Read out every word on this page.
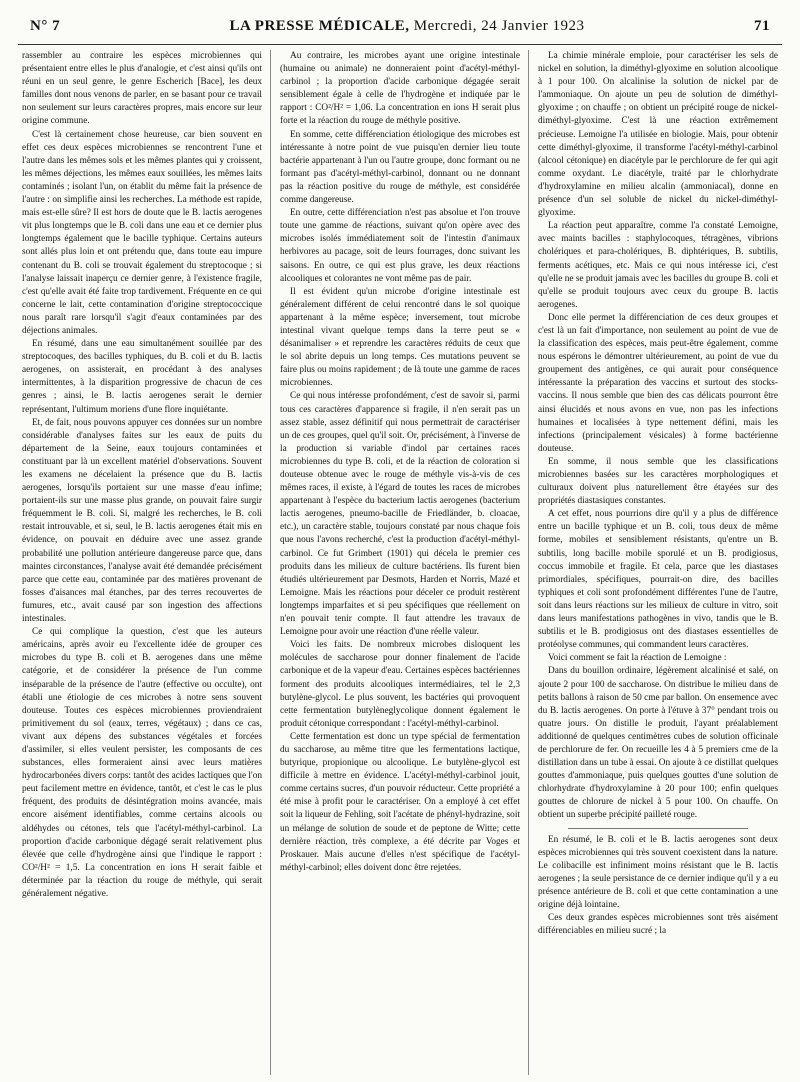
N° 7	LA PRESSE MÉDICALE, Mercredi, 24 Janvier 1923	71

rassembler au contraire les espèces microbiennes qui présentaient entre elles le plus d'analogie, et c'est ainsi qu'ils ont réuni en un seul genre, le genre Escherich [Bace], les deux familles dont nous venons de parler, en se basant pour ce travail non seulement sur leurs caractères propres, mais encore sur leur origine commune.

C'est là certainement chose heureuse, car bien souvent en effet ces deux espèces microbiennes se rencontrent l'une et l'autre dans les mêmes sols et les mêmes plantes qui y croissent, les mêmes déjections, les mêmes eaux souillées, les mêmes laits contaminés ; isolant l'un, on établit du même fait la présence de l'autre : on simplifie ainsi les recherches. La méthode est rapide, mais est-elle sûre? Il est hors de doute que le B. lactis aerogenes vit plus longtemps que le B. coli dans une eau et ce dernier plus longtemps également que le bacille typhique. Certains auteurs sont allés plus loin et ont prétendu que, dans toute eau impure contenant du B. coli se trouvait également du streptocoque ; si l'analyse laissait inaperçu ce dernier genre, à l'existence fragile, c'est qu'elle avait été faite trop tardivement. Fréquente en ce qui concerne le lait, cette contamination d'origine streptococcique nous paraît rare lorsqu'il s'agit d'eaux contaminées par des déjections animales.

En résumé, dans une eau simultanément souillée par des streptocoques, des bacilles typhiques, du B. coli et du B. lactis aerogenes, on assisterait, en procédant à des analyses intermittentes, à la disparition progressive de chacun de ces genres ; ainsi, le B. lactis aerogenes serait le dernier représentant, l'ultimum moriens d'une flore inquiétante.

Et, de fait, nous pouvons appuyer ces données sur un nombre considérable d'analyses faites sur les eaux de puits du département de la Seine, eaux toujours contaminées et constituant par là un excellent matériel d'observations. Souvent les examens ne décelaient la présence que du B. lactis aerogenes, lorsqu'ils portaient sur une masse d'eau infime; portaient-ils sur une masse plus grande, on pouvait faire surgir fréquemment le B. coli. Si, malgré les recherches, le B. coli restait introuvable, et si, seul, le B. lactis aerogenes était mis en évidence, on pouvait en déduire avec une assez grande probabilité une pollution antérieure dangereuse parce que, dans maintes circonstances, l'analyse avait été demandée précisément parce que cette eau, contaminée par des matières provenant de fosses d'aisances mal étanches, par des terres recouvertes de fumures, etc., avait causé par son ingestion des affections intestinales.

Ce qui complique la question, c'est que les auteurs américains, après avoir eu l'excellente idée de grouper ces microbes du type B. coli et B. aerogenes dans une même catégorie, et de considérer la présence de l'un comme inséparable de la présence de l'autre (effective ou occulte), ont établi une étiologie de ces microbes à notre sens souvent douteuse. Toutes ces espèces microbiennes proviendraient primitivement du sol (eaux, terres, végétaux) ; dans ce cas, vivant aux dépens des substances végétales et forcées d'assimiler, si elles veulent persister, les composants de ces substances, elles formeraient ainsi avec leurs matières hydrocarbonées divers corps: tantôt des acides lactiques que l'on peut facilement mettre en évidence, tantôt, et c'est le cas le plus fréquent, des produits de désintégration moins avancée, mais encore aisément identifiables, comme certains alcools ou aldéhydes ou cétones, tels que l'acétyl-méthyl-carbinol. La proportion d'acide carbonique dégagé serait relativement plus élevée que celle d'hydrogène ainsi que l'indique le rapport : CO²/H² = 1,5. La concentration en ions H serait faible et déterminée par la réaction du rouge de méthyle, qui serait généralement négative.

Au contraire, les microbes ayant une origine intestinale (humaine ou animale) ne donneraient point d'acétyl-méthyl-carbinol ; la proportion d'acide carbonique dégagée serait sensiblement égale à celle de l'hydrogène et indiquée par le rapport : CO²/H² = 1,06. La concentration en ions H serait plus forte et la réaction du rouge de méthyle positive.

En somme, cette différenciation étiologique des microbes est intéressante à notre point de vue puisqu'en dernier lieu toute bactérie appartenant à l'un ou l'autre groupe, donc formant ou ne formant pas d'acétyl-méthyl-carbinol, donnant ou ne donnant pas la réaction positive du rouge de méthyle, est considérée comme dangereuse.

En outre, cette différenciation n'est pas absolue et l'on trouve toute une gamme de réactions, suivant qu'on opère avec des microbes isolés immédiatement soit de l'intestin d'animaux herbivores au pacage, soit de leurs fourrages, donc suivant les saisons. En outre, ce qui est plus grave, les deux réactions alcooliques et colorantes ne vont même pas de pair.

Il est évident qu'un microbe d'origine intestinale est généralement différent de celui rencontré dans le sol quoique appartenant à la même espèce; inversement, tout microbe intestinal vivant quelque temps dans la terre peut se « désanimaliser » et reprendre les caractères réduits de ceux que le sol abrite depuis un long temps. Ces mutations peuvent se faire plus ou moins rapidement ; de là toute une gamme de races microbiennes.

Ce qui nous intéresse profondément, c'est de savoir si, parmi tous ces caractères d'apparence si fragile, il n'en serait pas un assez stable, assez définitif qui nous permettrait de caractériser un de ces groupes, quel qu'il soit. Or, précisément, à l'inverse de la production si variable d'indol par certaines races microbiennes du type B. coli, et de la réaction de coloration si douteuse obtenue avec le rouge de méthyle vis-à-vis de ces mêmes races, il existe, à l'égard de toutes les races de microbes appartenant à l'espèce du bacterium lactis aerogenes (bacterium lactis aerogenes, pneumo-bacille de Friedländer, b. cloacae, etc.), un caractère stable, toujours constaté par nous chaque fois que nous l'avons recherché, c'est la production d'acétyl-méthyl-carbinol. Ce fut Grimbert (1901) qui décela le premier ces produits dans les milieux de culture bactériens. Ils furent bien étudiés ultérieurement par Desmots, Harden et Norris, Mazé et Lemoigne. Mais les réactions pour déceler ce produit restèrent longtemps imparfaites et si peu spécifiques que réellement on n'en pouvait tenir compte. Il faut attendre les travaux de Lemoigne pour avoir une réaction d'une réelle valeur.

Voici les faits. De nombreux microbes disloquent les molécules de saccharose pour donner finalement de l'acide carbonique et de la vapeur d'eau. Certaines espèces bactériennes forment des produits alcooliques intermédiaires, tel le 2,3 butylène-glycol. Le plus souvent, les bactéries qui provoquent cette fermentation butylèneglycolique donnent également le produit cétonique correspondant : l'acétyl-méthyl-carbinol.

Cette fermentation est donc un type spécial de fermentation du saccharose, au même titre que les fermentations lactique, butyrique, propionique ou alcoolique. Le butylène-glycol est difficile à mettre en évidence. L'acétyl-méthyl-carbinol jouit, comme certains sucres, d'un pouvoir réducteur. Cette propriété a été mise à profit pour le caractériser. On a employé à cet effet soit la liqueur de Fehling, soit l'acétate de phényl-hydrazine, soit un mélange de solution de soude et de peptone de Witte; cette dernière réaction, très complexe, a été décrite par Voges et Proskauer. Mais aucune d'elles n'est spécifique de l'acétyl-méthyl-carbinol; elles doivent donc être rejetées.

La chimie minérale emploie, pour caractériser les sels de nickel en solution, la diméthyl-glyoxime en solution alcoolique à 1 pour 100. On alcalinise la solution de nickel par de l'ammoniaque. On ajoute un peu de solution de diméthyl-glyoxime ; on chauffe ; on obtient un précipité rouge de nickel-diméthyl-glyoxime. C'est là une réaction extrêmement précieuse. Lemoigne l'a utilisée en biologie. Mais, pour obtenir cette diméthyl-glyoxime, il transforme l'acétyl-méthyl-carbinol (alcool cétonique) en diacétyle par le perchlorure de fer qui agit comme oxydant. Le diacétyle, traité par le chlorhydrate d'hydroxylamine en milieu alcalin (ammoniacal), donne en présence d'un sel soluble de nickel du nickel-diméthyl-glyoxime.

La réaction peut apparaître, comme l'a constaté Lemoigne, avec maints bacilles : staphylocoques, tétragènes, vibrions cholériques et para-cholériques, B. diphtériques, B. subtilis, ferments acétiques, etc. Mais ce qui nous intéresse ici, c'est qu'elle ne se produit jamais avec les bacilles du groupe B. coli et qu'elle se produit toujours avec ceux du groupe B. lactis aerogenes.

Donc elle permet la différenciation de ces deux groupes et c'est là un fait d'importance, non seulement au point de vue de la classification des espèces, mais peut-être également, comme nous espérons le démontrer ultérieurement, au point de vue du groupement des antigènes, ce qui aurait pour conséquence intéressante la préparation des vaccins et surtout des stocks-vaccins. Il nous semble que bien des cas délicats pourront être ainsi élucidés et nous avons en vue, non pas les infections humaines et localisées à type nettement défini, mais les infections (principalement vésicales) à forme bactérienne douteuse.

En somme, il nous semble que les classifications microbiennes basées sur les caractères morphologiques et culturaux doivent plus naturellement être étayées sur des propriétés diastasiques constantes.

A cet effet, nous pourrions dire qu'il y a plus de différence entre un bacille typhique et un B. coli, tous deux de même forme, mobiles et sensiblement résistants, qu'entre un B. subtilis, long bacille mobile sporulé et un B. prodigiosus, coccus immobile et fragile. Et cela, parce que les diastases primordiales, spécifiques, pourrait-on dire, des bacilles typhiques et coli sont profondément différentes l'une de l'autre, soit dans leurs réactions sur les milieux de culture in vitro, soit dans leurs manifestations pathogènes in vivo, tandis que le B. subtilis et le B. prodigiosus ont des diastases essentielles de protéolyse communes, qui commandent leurs caractères.

Voici comment se fait la réaction de Lemoigne :

Dans du bouillon ordinaire, légèrement alcalinisé et salé, on ajoute 2 pour 100 de saccharose. On distribue le milieu dans de petits ballons à raison de 50 cme par ballon. On ensemence avec du B. lactis aerogenes. On porte à l'étuve à 37° pendant trois ou quatre jours. On distille le produit, l'ayant préalablement additionné de quelques centimètres cubes de solution officinale de perchlorure de fer. On recueille les 4 à 5 premiers cme de la distillation dans un tube à essai. On ajoute à ce distillat quelques gouttes d'ammoniaque, puis quelques gouttes d'une solution de chlorhydrate d'hydroxylamine à 20 pour 100; enfin quelques gouttes de chlorure de nickel à 5 pour 100. On chauffe. On obtient un superbe précipité pailleté rouge.

En résumé, le B. coli et le B. lactis aerogenes sont deux espèces microbiennes qui très souvent coexistent dans la nature. Le colibacille est infiniment moins résistant que le B. lactis aerogenes ; la seule persistance de ce dernier indique qu'il y a eu présence antérieure de B. coli et que cette contamination a une origine déjà lointaine.

Ces deux grandes espèces microbiennes sont très aisément différenciables en milieu sucré ; la
